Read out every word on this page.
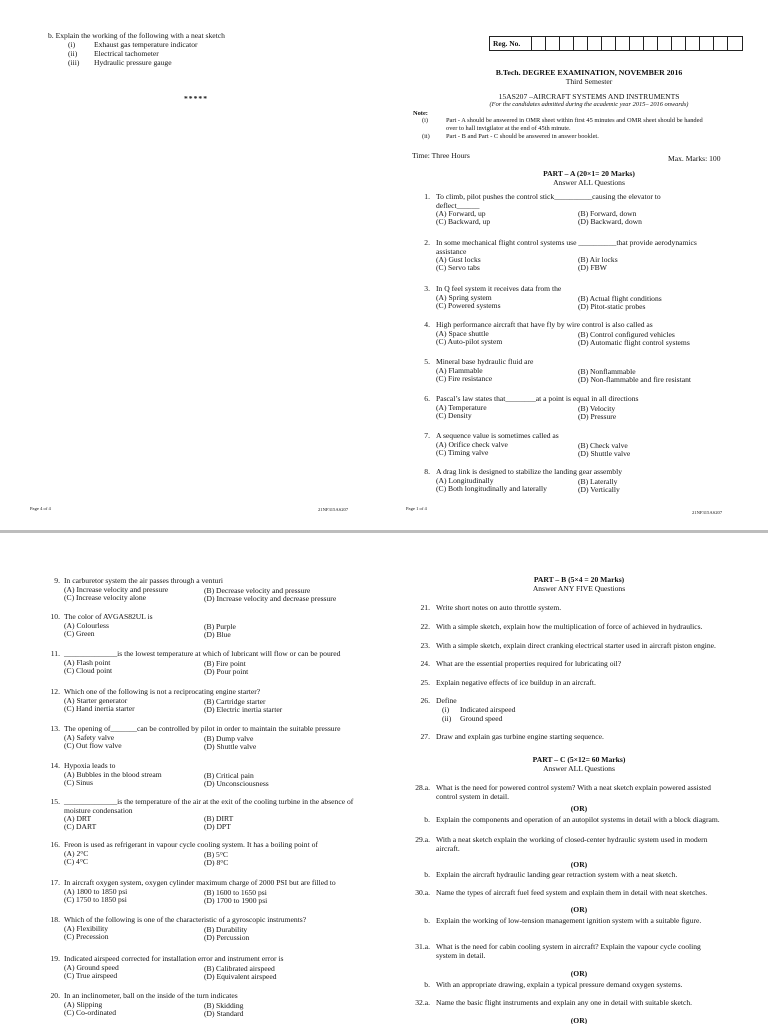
b. Explain the working of the following with a neat sketch
(i) Exhaust gas temperature indicator
(ii) Electrical tachometer
(iii) Hydraulic pressure gauge
*****
Page 4 of 4	21NF315AS207
Reg. No.
B.Tech. DEGREE EXAMINATION, NOVEMBER 2016
Third Semester
15AS207 –AIRCRAFT SYSTEMS AND INSTRUMENTS
(For the candidates admitted during the academic year 2015– 2016 onwards)
Note:
(i)	Part - A should be answered in OMR sheet within first 45 minutes and OMR sheet should be handed
over to hall invigilator at the end of 45th minute.
(ii)	Part - B and Part - C should be answered in answer booklet.
Time: Three Hours	Max. Marks: 100
PART – A (20×1= 20 Marks)
Answer ALL Questions
1. To climb, pilot pushes the control stick__________causing the elevator to
deflect______
(A) Forward, up	(B) Forward, down
(C) Backward, up	(D) Backward, down
2. In some mechanical flight control systems use __________that provide aerodynamics
assistance
(A) Gust locks	(B) Air locks
(C) Servo tabs	(D) FBW
3. In Q feel system it receives data from the
(A) Spring system	(B) Actual flight conditions
(C) Powered systems	(D) Pitot-static probes
4. High performance aircraft that have fly by wire control is also called as
(A) Space shuttle	(B) Control configured vehicles
(C) Auto-pilot system	(D) Automatic flight control systems
5. Mineral base hydraulic fluid are
(A) Flammable	(B) Nonflammable
(C) Fire resistance	(D) Non-flammable and fire resistant
6. Pascal’s law states that________at a point is equal in all directions
(A) Temperature	(B) Velocity
(C) Density	(D) Pressure
7. A sequence value is sometimes called as
(A) Orifice check valve	(B) Check valve
(C) Timing valve	(D) Shuttle valve
8. A drag link is designed to stabilize the landing gear assembly
(A) Longitudinally	(B) Laterally
(C) Both longitudinally and laterally	(D) Vertically
Page 1 of 4
21NF315AS207
9. In carburetor system the air passes through a venturi
(A) Increase velocity and pressure	(B) Decrease velocity and pressure
(C) Increase velocity alone	(D) Increase velocity and decrease pressure
10. The color of AVGAS82UL is
(A) Colourless	(B) Purple
(C) Green	(D) Blue
11. ______________is the lowest temperature at which of lubricant will flow or can be poured
(A) Flash point	(B) Fire point
(C) Cloud point	(D) Pour point
12. Which one of the following is not a reciprocating engine starter?
(A) Starter generator	(B) Cartridge starter
(C) Hand inertia starter	(D) Electric inertia starter
13. The opening of_______can be controlled by pilot in order to maintain the suitable pressure
(A) Safety valve	(B) Dump valve
(C) Out flow valve	(D) Shuttle valve
14. Hypoxia leads to
(A) Bubbles in the blood stream	(B) Critical pain
(C) Sinus	(D) Unconsciousness
15. ______________is the temperature of the air at the exit of the cooling turbine in the absence of
moisture condensation
(A) DRT	(B) DIRT
(C) DART	(D) DPT
16. Freon is used as refrigerant in vapour cycle cooling system. It has a boiling point of
(A) 2°C	(B) 5°C
(C) 4°C	(D) 8°C
17. In aircraft oxygen system, oxygen cylinder maximum charge of 2000 PSI but are filled to
(A) 1800 to 1850 psi	(B) 1600 to 1650 psi
(C) 1750 to 1850 psi	(D) 1700 to 1900 psi
18. Which of the following is one of the characteristic of a gyroscopic instruments?
(A) Flexibility	(B) Durability
(C) Precession	(D) Percussion
19. Indicated airspeed corrected for installation error and instrument error is
(A) Ground speed	(B) Calibrated airspeed
(C) True airspeed	(D) Equivalent airspeed
20. In an inclinometer, ball on the inside of the turn indicates
(A) Slipping	(B) Skidding
(C) Co-ordinated	(D) Standard
PART – B (5×4 = 20 Marks)
Answer ANY FIVE Questions
21. Write short notes on auto throttle system.
22. With a simple sketch, explain how the multiplication of force of achieved in hydraulics.
23. With a simple sketch, explain direct cranking electrical starter used in aircraft piston engine.
24. What are the essential properties required for lubricating oil?
25. Explain negative effects of ice buildup in an aircraft.
26. Define
(i) Indicated airspeed
(ii) Ground speed
27. Draw and explain gas turbine engine starting sequence.
PART – C (5×12= 60 Marks)
Answer ALL Questions
28.a. What is the need for powered control system? With a neat sketch explain powered assisted
control system in detail.
(OR)
b. Explain the components and operation of an autopilot systems in detail with a block diagram.
29.a. With a neat sketch explain the working of closed-center hydraulic system used in modern
aircraft.
(OR)
b. Explain the aircraft hydraulic landing gear retraction system with a neat sketch.
30.a. Name the types of aircraft fuel feed system and explain them in detail with neat sketches.
(OR)
b. Explain the working of low-tension management ignition system with a suitable figure.
31.a. What is the need for cabin cooling system in aircraft? Explain the vapour cycle cooling
system in detail.
(OR)
b. With an appropriate drawing, explain a typical pressure demand oxygen systems.
32.a. Name the basic flight instruments and explain any one in detail with suitable sketch.
(OR)
